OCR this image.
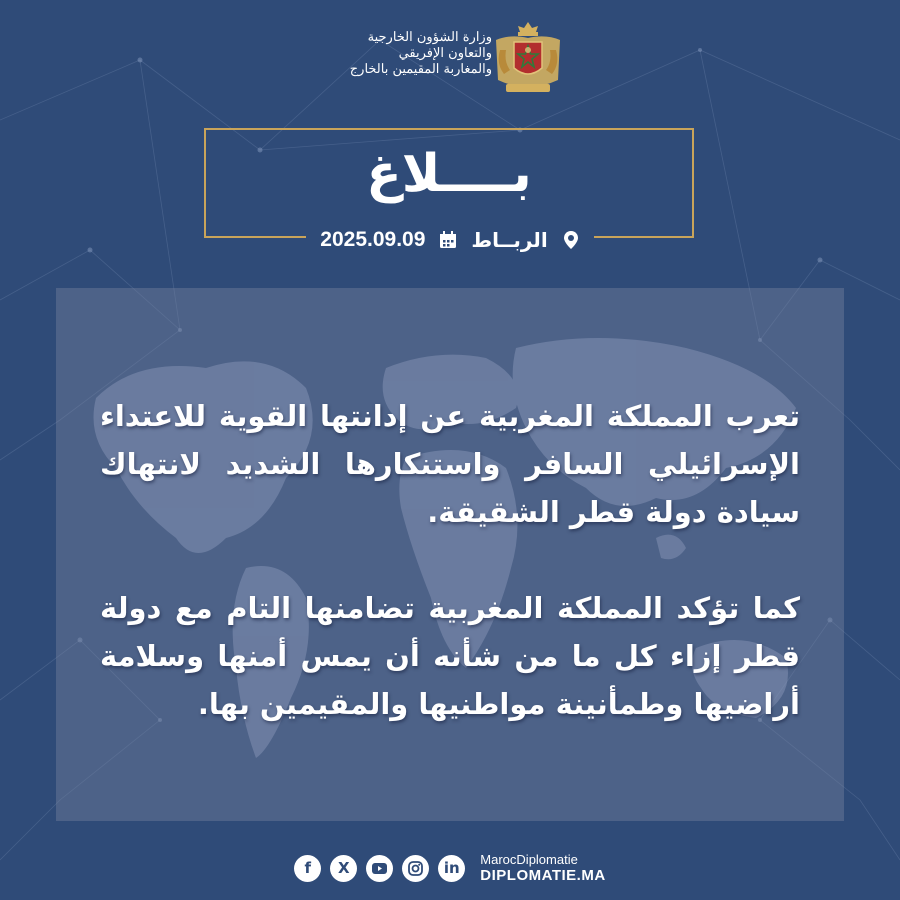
وزارة الشؤون الخارجية
والتعاون الإفريقي
والمغاربة المقيمين بالخارج
بــــلاغ
2025.09.09 الربــاط

تعرب المملكة المغربية عن إدانتها القوية للاعتداء الإسرائيلي السافر واستنكارها الشديد لانتهاك سيادة دولة قطر الشقيقة.

كما تؤكد المملكة المغربية تضامنها التام مع دولة قطر إزاء كل ما من شأنه أن يمس أمنها وسلامة أراضيها وطمأنينة مواطنيها والمقيمين بها.

f	X	in	MarocDiplomatie
DIPLOMATIE.MA
